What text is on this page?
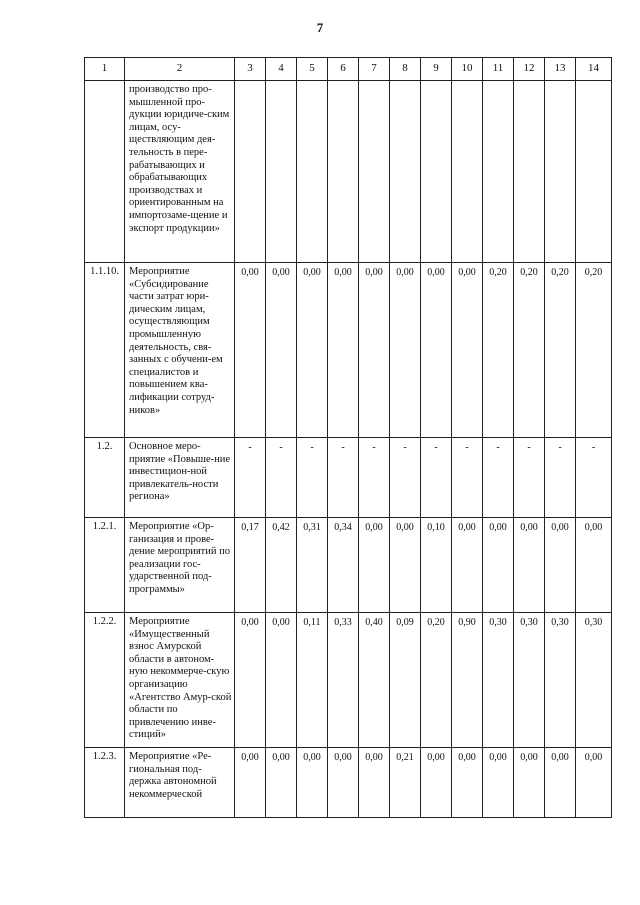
7
1	2	3	4	5	6	7	8	9	10	11	12	13	14
	производство про-мышленной про-дукции юридиче-ским лицам, осу-ществляющим дея-тельность в пере-рабатывающих и обрабатывающих производствах и ориентированным на импортозаме-щение и экспорт продукции»												
1.1.10.	Мероприятие «Субсидирование части затрат юри-дическим лицам, осуществляющим промышленную деятельность, свя-занных с обучени-ем специалистов и повышением ква-лификации сотруд-ников»	0,00	0,00	0,00	0,00	0,00	0,00	0,00	0,00	0,20	0,20	0,20	0,20
1.2.	Основное меро-приятие «Повыше-ние инвестицион-ной привлекатель-ности региона»	-	-	-	-	-	-	-	-	-	-	-	-
1.2.1.	Мероприятие «Ор-ганизация и прове-дение мероприятий по реализации гос-ударственной под-программы»	0,17	0,42	0,31	0,34	0,00	0,00	0,10	0,00	0,00	0,00	0,00	0,00
1.2.2.	Мероприятие «Имущественный взнос Амурской области в автоном-ную некоммерче-скую организацию «Агентство Амур-ской области по привлечению инве-стиций»	0,00	0,00	0,11	0,33	0,40	0,09	0,20	0,90	0,30	0,30	0,30	0,30
1.2.3.	Мероприятие «Ре-гиональная под-держка автономной некоммерческой	0,00	0,00	0,00	0,00	0,00	0,21	0,00	0,00	0,00	0,00	0,00	0,00
